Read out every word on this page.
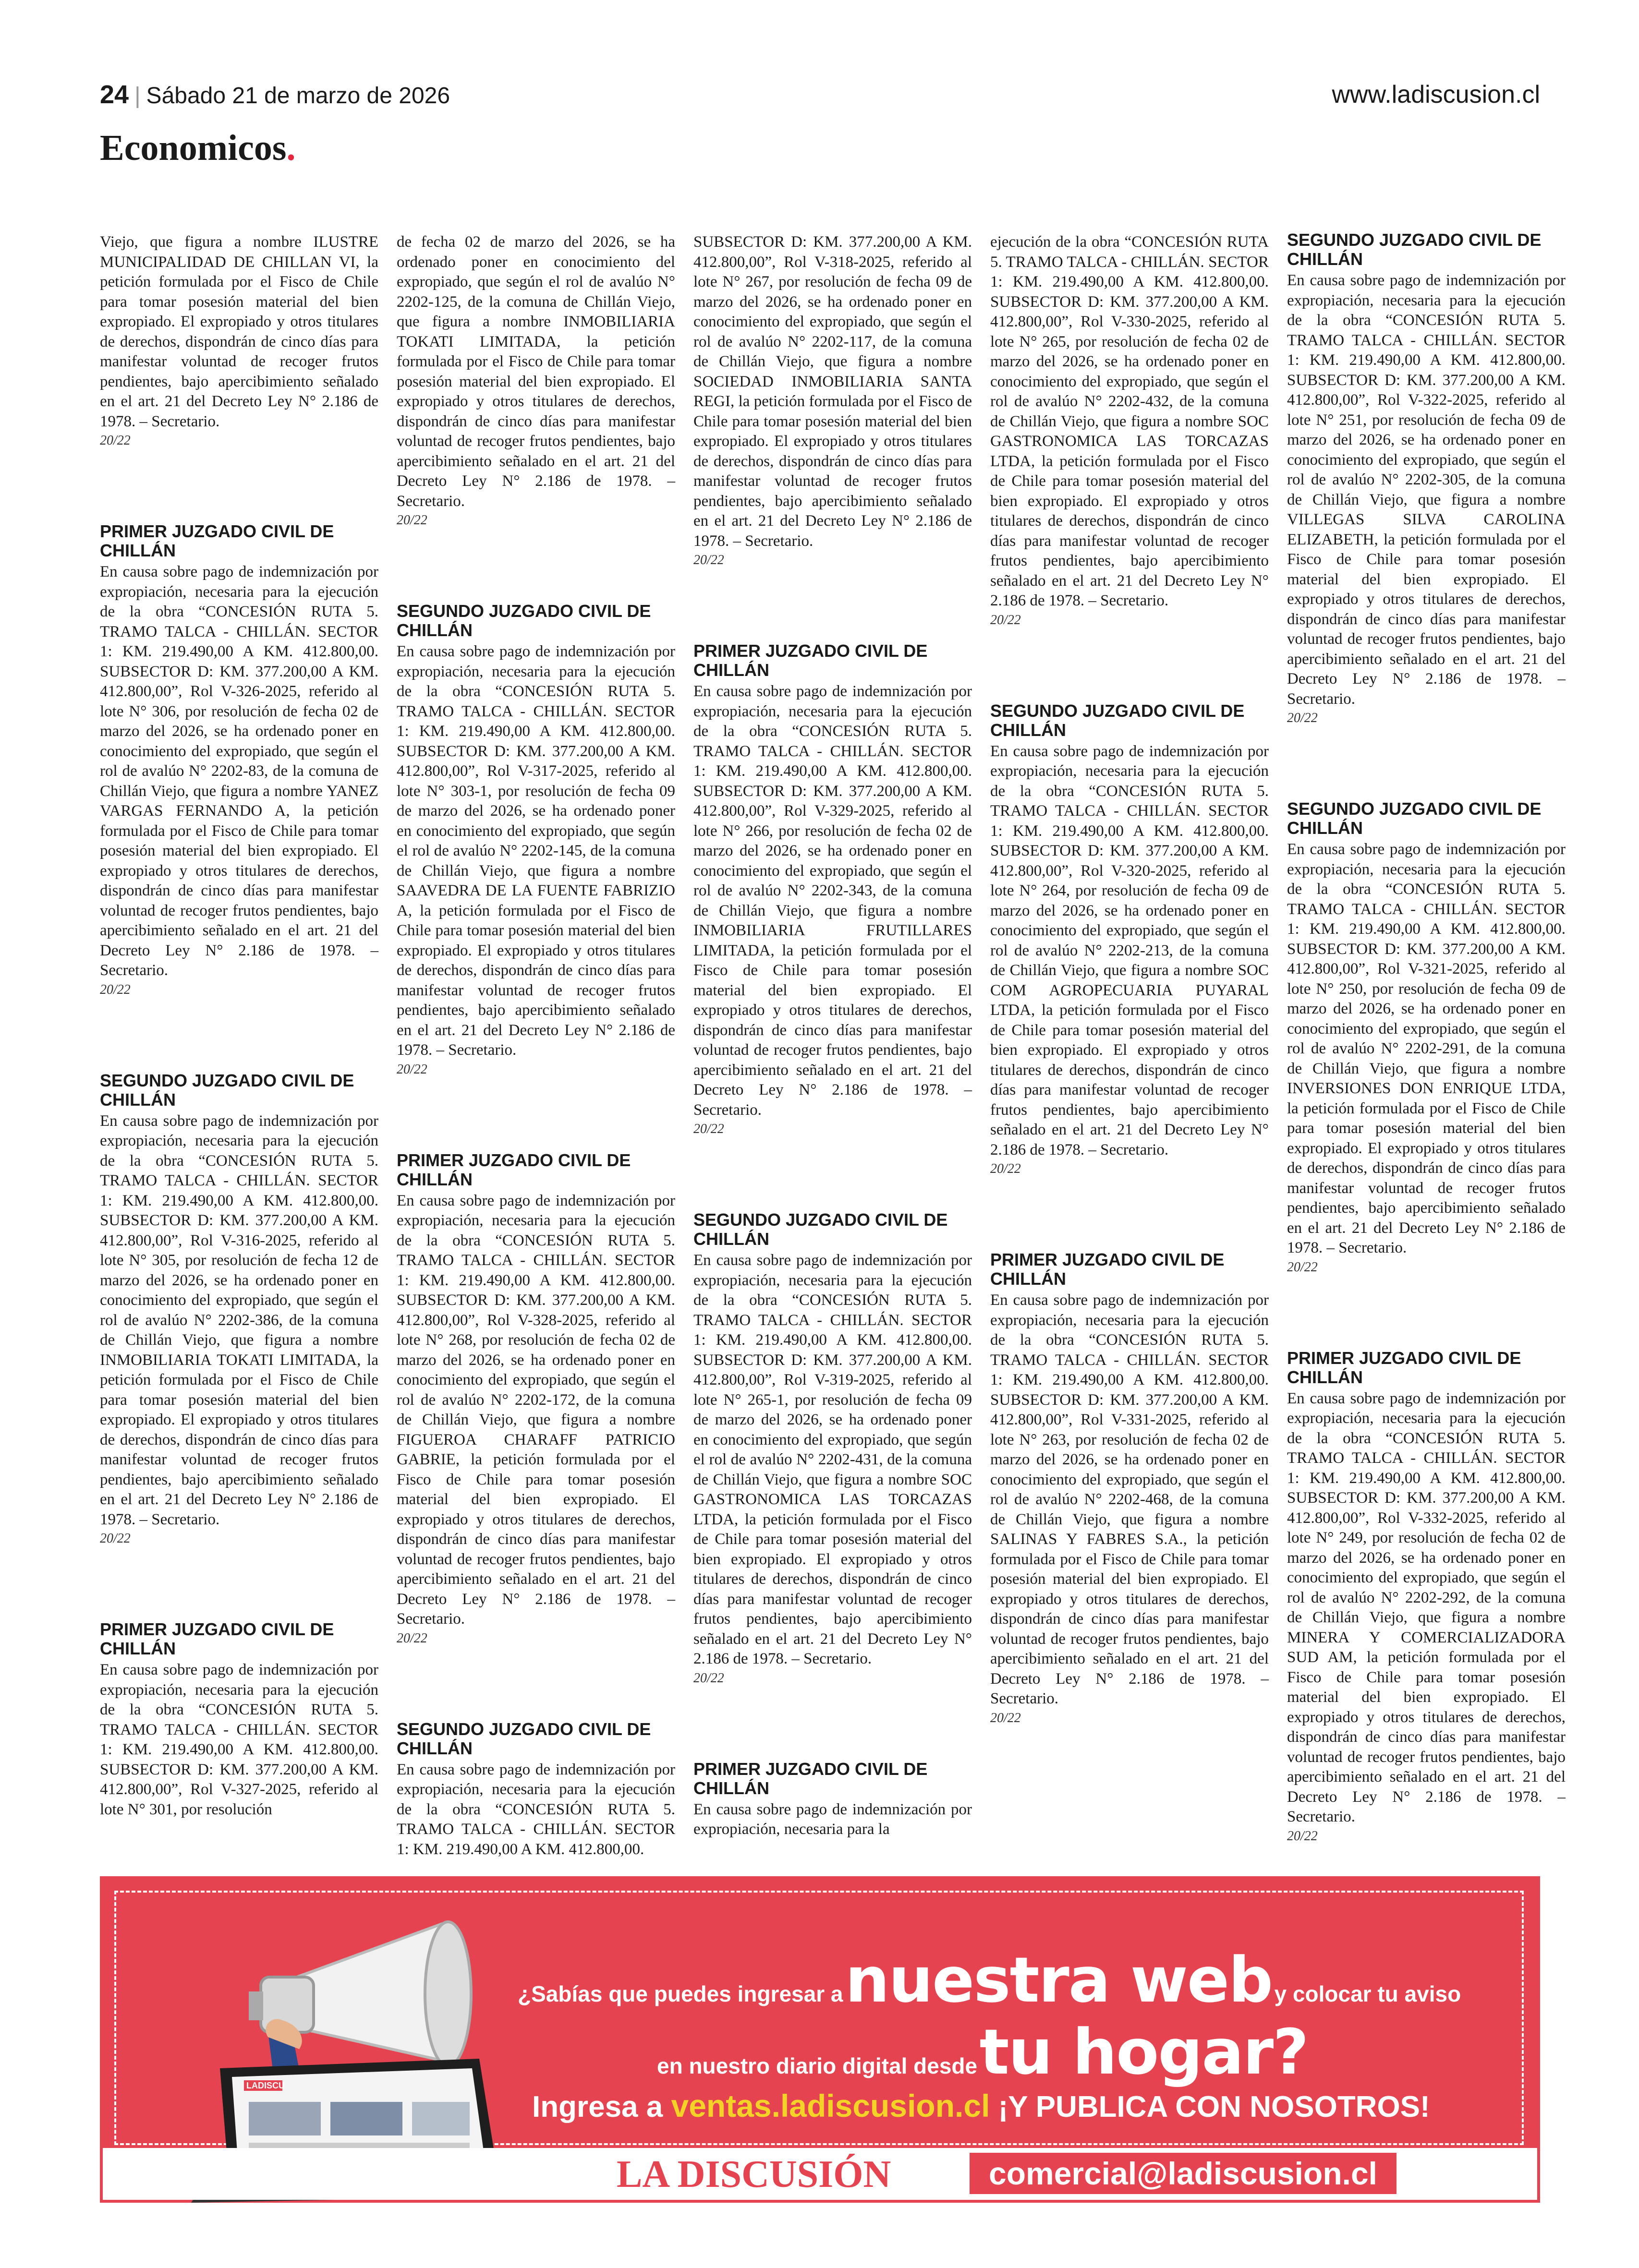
24 | Sábado 21 de marzo de 2026	www.ladiscusion.cl
Economicos.
Viejo, que figura a nombre ILUSTRE MUNICIPALIDAD DE CHILLAN VI, la petición formulada por el Fisco de Chile para tomar posesión material del bien expropiado. El expropiado y otros titulares de derechos, dispondrán de cinco días para manifestar voluntad de recoger frutos pendientes, bajo apercibimiento señalado en el art. 21 del Decreto Ley N° 2.186 de 1978. – Secretario.
20/22
PRIMER JUZGADO CIVIL DE CHILLÁN
En causa sobre pago de indemnización por expropiación, necesaria para la ejecución de la obra “CONCESIÓN RUTA 5. TRAMO TALCA - CHILLÁN. SECTOR 1: KM. 219.490,00 A KM. 412.800,00. SUBSECTOR D: KM. 377.200,00 A KM. 412.800,00”, Rol V-326-2025, referido al lote N° 306, por resolución de fecha 02 de marzo del 2026, se ha ordenado poner en conocimiento del expropiado, que según el rol de avalúo N° 2202-83, de la comuna de Chillán Viejo, que figura a nombre YANEZ VARGAS FERNANDO A, la petición formulada por el Fisco de Chile para tomar posesión material del bien expropiado. El expropiado y otros titulares de derechos, dispondrán de cinco días para manifestar voluntad de recoger frutos pendientes, bajo apercibimiento señalado en el art. 21 del Decreto Ley N° 2.186 de 1978. – Secretario.
20/22
SEGUNDO JUZGADO CIVIL DE CHILLÁN
En causa sobre pago de indemnización por expropiación, necesaria para la ejecución de la obra “CONCESIÓN RUTA 5. TRAMO TALCA - CHILLÁN. SECTOR 1: KM. 219.490,00 A KM. 412.800,00. SUBSECTOR D: KM. 377.200,00 A KM. 412.800,00”, Rol V-316-2025, referido al lote N° 305, por resolución de fecha 12 de marzo del 2026, se ha ordenado poner en conocimiento del expropiado, que según el rol de avalúo N° 2202-386, de la comuna de Chillán Viejo, que figura a nombre INMOBILIARIA TOKATI LIMITADA, la petición formulada por el Fisco de Chile para tomar posesión material del bien expropiado. El expropiado y otros titulares de derechos, dispondrán de cinco días para manifestar voluntad de recoger frutos pendientes, bajo apercibimiento señalado en el art. 21 del Decreto Ley N° 2.186 de 1978. – Secretario.
20/22
PRIMER JUZGADO CIVIL DE CHILLÁN
En causa sobre pago de indemnización por expropiación, necesaria para la ejecución de la obra “CONCESIÓN RUTA 5. TRAMO TALCA - CHILLÁN. SECTOR 1: KM. 219.490,00 A KM. 412.800,00. SUBSECTOR D: KM. 377.200,00 A KM. 412.800,00”, Rol V-327-2025, referido al lote N° 301, por resolución
de fecha 02 de marzo del 2026, se ha ordenado poner en conocimiento del expropiado, que según el rol de avalúo N° 2202-125, de la comuna de Chillán Viejo, que figura a nombre INMOBILIARIA TOKATI LIMITADA, la petición formulada por el Fisco de Chile para tomar posesión material del bien expropiado. El expropiado y otros titulares de derechos, dispondrán de cinco días para manifestar voluntad de recoger frutos pendientes, bajo apercibimiento señalado en el art. 21 del Decreto Ley N° 2.186 de 1978. – Secretario.
20/22
SEGUNDO JUZGADO CIVIL DE CHILLÁN
En causa sobre pago de indemnización por expropiación, necesaria para la ejecución de la obra “CONCESIÓN RUTA 5. TRAMO TALCA - CHILLÁN. SECTOR 1: KM. 219.490,00 A KM. 412.800,00. SUBSECTOR D: KM. 377.200,00 A KM. 412.800,00”, Rol V-317-2025, referido al lote N° 303-1, por resolución de fecha 09 de marzo del 2026, se ha ordenado poner en conocimiento del expropiado, que según el rol de avalúo N° 2202-145, de la comuna de Chillán Viejo, que figura a nombre SAAVEDRA DE LA FUENTE FABRIZIO A, la petición formulada por el Fisco de Chile para tomar posesión material del bien expropiado. El expropiado y otros titulares de derechos, dispondrán de cinco días para manifestar voluntad de recoger frutos pendientes, bajo apercibimiento señalado en el art. 21 del Decreto Ley N° 2.186 de 1978. – Secretario.
20/22
PRIMER JUZGADO CIVIL DE CHILLÁN
En causa sobre pago de indemnización por expropiación, necesaria para la ejecución de la obra “CONCESIÓN RUTA 5. TRAMO TALCA - CHILLÁN. SECTOR 1: KM. 219.490,00 A KM. 412.800,00. SUBSECTOR D: KM. 377.200,00 A KM. 412.800,00”, Rol V-328-2025, referido al lote N° 268, por resolución de fecha 02 de marzo del 2026, se ha ordenado poner en conocimiento del expropiado, que según el rol de avalúo N° 2202-172, de la comuna de Chillán Viejo, que figura a nombre FIGUEROA CHARAFF PATRICIO GABRIE, la petición formulada por el Fisco de Chile para tomar posesión material del bien expropiado. El expropiado y otros titulares de derechos, dispondrán de cinco días para manifestar voluntad de recoger frutos pendientes, bajo apercibimiento señalado en el art. 21 del Decreto Ley N° 2.186 de 1978. – Secretario.
20/22
SEGUNDO JUZGADO CIVIL DE CHILLÁN
En causa sobre pago de indemnización por expropiación, necesaria para la ejecución de la obra “CONCESIÓN RUTA 5. TRAMO TALCA - CHILLÁN. SECTOR 1: KM. 219.490,00 A KM. 412.800,00.
SUBSECTOR D: KM. 377.200,00 A KM. 412.800,00”, Rol V-318-2025, referido al lote N° 267, por resolución de fecha 09 de marzo del 2026, se ha ordenado poner en conocimiento del expropiado, que según el rol de avalúo N° 2202-117, de la comuna de Chillán Viejo, que figura a nombre SOCIEDAD INMOBILIARIA SANTA REGI, la petición formulada por el Fisco de Chile para tomar posesión material del bien expropiado. El expropiado y otros titulares de derechos, dispondrán de cinco días para manifestar voluntad de recoger frutos pendientes, bajo apercibimiento señalado en el art. 21 del Decreto Ley N° 2.186 de 1978. – Secretario.
20/22
PRIMER JUZGADO CIVIL DE CHILLÁN
En causa sobre pago de indemnización por expropiación, necesaria para la ejecución de la obra “CONCESIÓN RUTA 5. TRAMO TALCA - CHILLÁN. SECTOR 1: KM. 219.490,00 A KM. 412.800,00. SUBSECTOR D: KM. 377.200,00 A KM. 412.800,00”, Rol V-329-2025, referido al lote N° 266, por resolución de fecha 02 de marzo del 2026, se ha ordenado poner en conocimiento del expropiado, que según el rol de avalúo N° 2202-343, de la comuna de Chillán Viejo, que figura a nombre INMOBILIARIA FRUTILLARES LIMITADA, la petición formulada por el Fisco de Chile para tomar posesión material del bien expropiado. El expropiado y otros titulares de derechos, dispondrán de cinco días para manifestar voluntad de recoger frutos pendientes, bajo apercibimiento señalado en el art. 21 del Decreto Ley N° 2.186 de 1978. – Secretario.
20/22
SEGUNDO JUZGADO CIVIL DE CHILLÁN
En causa sobre pago de indemnización por expropiación, necesaria para la ejecución de la obra “CONCESIÓN RUTA 5. TRAMO TALCA - CHILLÁN. SECTOR 1: KM. 219.490,00 A KM. 412.800,00. SUBSECTOR D: KM. 377.200,00 A KM. 412.800,00”, Rol V-319-2025, referido al lote N° 265-1, por resolución de fecha 09 de marzo del 2026, se ha ordenado poner en conocimiento del expropiado, que según el rol de avalúo N° 2202-431, de la comuna de Chillán Viejo, que figura a nombre SOC GASTRONOMICA LAS TORCAZAS LTDA, la petición formulada por el Fisco de Chile para tomar posesión material del bien expropiado. El expropiado y otros titulares de derechos, dispondrán de cinco días para manifestar voluntad de recoger frutos pendientes, bajo apercibimiento señalado en el art. 21 del Decreto Ley N° 2.186 de 1978. – Secretario.
20/22
PRIMER JUZGADO CIVIL DE CHILLÁN
En causa sobre pago de indemnización por expropiación, necesaria para la
ejecución de la obra “CONCESIÓN RUTA 5. TRAMO TALCA - CHILLÁN. SECTOR 1: KM. 219.490,00 A KM. 412.800,00. SUBSECTOR D: KM. 377.200,00 A KM. 412.800,00”, Rol V-330-2025, referido al lote N° 265, por resolución de fecha 02 de marzo del 2026, se ha ordenado poner en conocimiento del expropiado, que según el rol de avalúo N° 2202-432, de la comuna de Chillán Viejo, que figura a nombre SOC GASTRONOMICA LAS TORCAZAS LTDA, la petición formulada por el Fisco de Chile para tomar posesión material del bien expropiado. El expropiado y otros titulares de derechos, dispondrán de cinco días para manifestar voluntad de recoger frutos pendientes, bajo apercibimiento señalado en el art. 21 del Decreto Ley N° 2.186 de 1978. – Secretario.
20/22
SEGUNDO JUZGADO CIVIL DE CHILLÁN
En causa sobre pago de indemnización por expropiación, necesaria para la ejecución de la obra “CONCESIÓN RUTA 5. TRAMO TALCA - CHILLÁN. SECTOR 1: KM. 219.490,00 A KM. 412.800,00. SUBSECTOR D: KM. 377.200,00 A KM. 412.800,00”, Rol V-320-2025, referido al lote N° 264, por resolución de fecha 09 de marzo del 2026, se ha ordenado poner en conocimiento del expropiado, que según el rol de avalúo N° 2202-213, de la comuna de Chillán Viejo, que figura a nombre SOC COM AGROPECUARIA PUYARAL LTDA, la petición formulada por el Fisco de Chile para tomar posesión material del bien expropiado. El expropiado y otros titulares de derechos, dispondrán de cinco días para manifestar voluntad de recoger frutos pendientes, bajo apercibimiento señalado en el art. 21 del Decreto Ley N° 2.186 de 1978. – Secretario.
20/22
PRIMER JUZGADO CIVIL DE CHILLÁN
En causa sobre pago de indemnización por expropiación, necesaria para la ejecución de la obra “CONCESIÓN RUTA 5. TRAMO TALCA - CHILLÁN. SECTOR 1: KM. 219.490,00 A KM. 412.800,00. SUBSECTOR D: KM. 377.200,00 A KM. 412.800,00”, Rol V-331-2025, referido al lote N° 263, por resolución de fecha 02 de marzo del 2026, se ha ordenado poner en conocimiento del expropiado, que según el rol de avalúo N° 2202-468, de la comuna de Chillán Viejo, que figura a nombre SALINAS Y FABRES S.A., la petición formulada por el Fisco de Chile para tomar posesión material del bien expropiado. El expropiado y otros titulares de derechos, dispondrán de cinco días para manifestar voluntad de recoger frutos pendientes, bajo apercibimiento señalado en el art. 21 del Decreto Ley N° 2.186 de 1978. – Secretario.
20/22
SEGUNDO JUZGADO CIVIL DE CHILLÁN
En causa sobre pago de indemnización por expropiación, necesaria para la ejecución de la obra “CONCESIÓN RUTA 5. TRAMO TALCA - CHILLÁN. SECTOR 1: KM. 219.490,00 A KM. 412.800,00. SUBSECTOR D: KM. 377.200,00 A KM. 412.800,00”, Rol V-322-2025, referido al lote N° 251, por resolución de fecha 09 de marzo del 2026, se ha ordenado poner en conocimiento del expropiado, que según el rol de avalúo N° 2202-305, de la comuna de Chillán Viejo, que figura a nombre VILLEGAS SILVA CAROLINA ELIZABETH, la petición formulada por el Fisco de Chile para tomar posesión material del bien expropiado. El expropiado y otros titulares de derechos, dispondrán de cinco días para manifestar voluntad de recoger frutos pendientes, bajo apercibimiento señalado en el art. 21 del Decreto Ley N° 2.186 de 1978. – Secretario.
20/22
SEGUNDO JUZGADO CIVIL DE CHILLÁN
En causa sobre pago de indemnización por expropiación, necesaria para la ejecución de la obra “CONCESIÓN RUTA 5. TRAMO TALCA - CHILLÁN. SECTOR 1: KM. 219.490,00 A KM. 412.800,00. SUBSECTOR D: KM. 377.200,00 A KM. 412.800,00”, Rol V-321-2025, referido al lote N° 250, por resolución de fecha 09 de marzo del 2026, se ha ordenado poner en conocimiento del expropiado, que según el rol de avalúo N° 2202-291, de la comuna de Chillán Viejo, que figura a nombre INVERSIONES DON ENRIQUE LTDA, la petición formulada por el Fisco de Chile para tomar posesión material del bien expropiado. El expropiado y otros titulares de derechos, dispondrán de cinco días para manifestar voluntad de recoger frutos pendientes, bajo apercibimiento señalado en el art. 21 del Decreto Ley N° 2.186 de 1978. – Secretario.
20/22
PRIMER JUZGADO CIVIL DE CHILLÁN
En causa sobre pago de indemnización por expropiación, necesaria para la ejecución de la obra “CONCESIÓN RUTA 5. TRAMO TALCA - CHILLÁN. SECTOR 1: KM. 219.490,00 A KM. 412.800,00. SUBSECTOR D: KM. 377.200,00 A KM. 412.800,00”, Rol V-332-2025, referido al lote N° 249, por resolución de fecha 02 de marzo del 2026, se ha ordenado poner en conocimiento del expropiado, que según el rol de avalúo N° 2202-292, de la comuna de Chillán Viejo, que figura a nombre MINERA Y COMERCIALIZADORA SUD AM, la petición formulada por el Fisco de Chile para tomar posesión material del bien expropiado. El expropiado y otros titulares de derechos, dispondrán de cinco días para manifestar voluntad de recoger frutos pendientes, bajo apercibimiento señalado en el art. 21 del Decreto Ley N° 2.186 de 1978. – Secretario.
20/22
LADISCU
¿Sabías que puedes ingresar a nuestra web y colocar tu aviso
en nuestro diario digital desde tu hogar?
Ingresa a ventas.ladiscusion.cl ¡Y PUBLICA CON NOSOTROS!
LA DISCUSIÓN	comercial@ladiscusion.cl
